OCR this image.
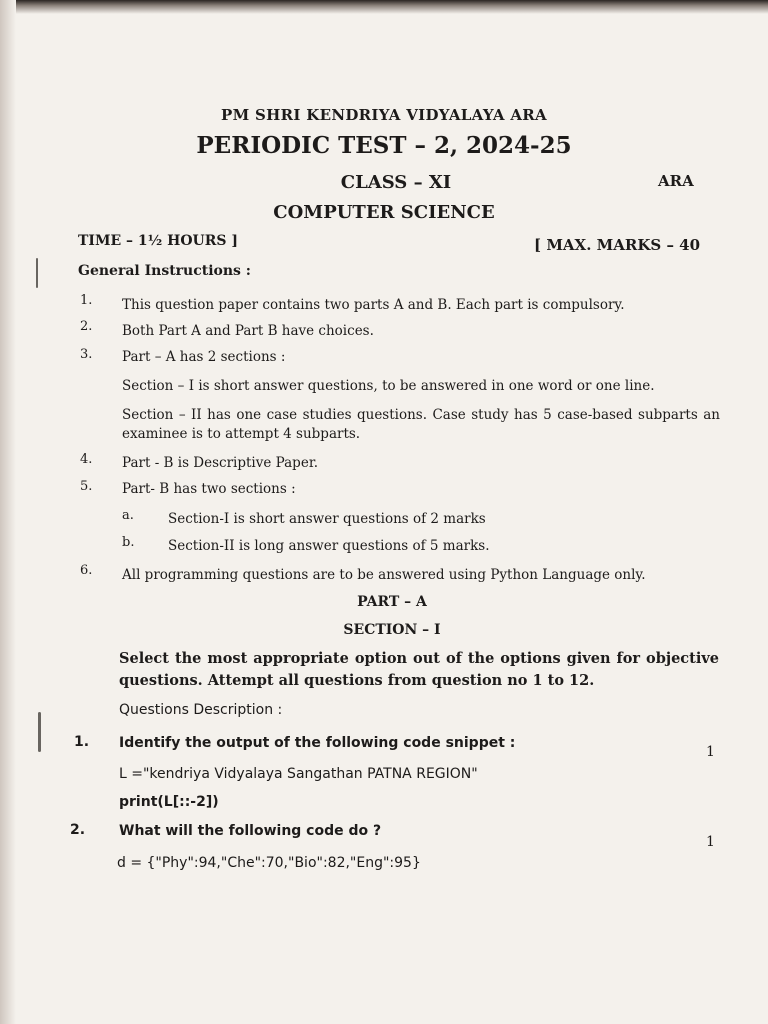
PM SHRI KENDRIYA VIDYALAYA ARA
PERIODIC TEST – 2, 2024-25
CLASS – XI	ARA
COMPUTER SCIENCE
TIME – 1½ HOURS ]	[ MAX. MARKS – 40
General Instructions :
1. This question paper contains two parts A and B. Each part is compulsory.
2. Both Part A and Part B have choices.
3. Part – A has 2 sections :
Section – I is short answer questions, to be answered in one word or one line.
Section – II has one case studies questions. Case study has 5 case-based subparts an examinee is to attempt 4 subparts.
4. Part - B is Descriptive Paper.
5. Part- B has two sections :
a.	Section-I is short answer questions of 2 marks
b. Section-II is long answer questions of 5 marks.
6. All programming questions are to be answered using Python Language only.
PART – A
SECTION – I
Select the most appropriate option out of the options given for objective questions. Attempt all questions from question no 1 to 12.
Questions Description :
1. Identify the output of the following code snippet :
1
L ="kendriya Vidyalaya Sangathan PATNA REGION"
print(L[::-2])
2. What will the following code do ?
1
d = {"Phy":94,"Che":70,"Bio":82,"Eng":95}
